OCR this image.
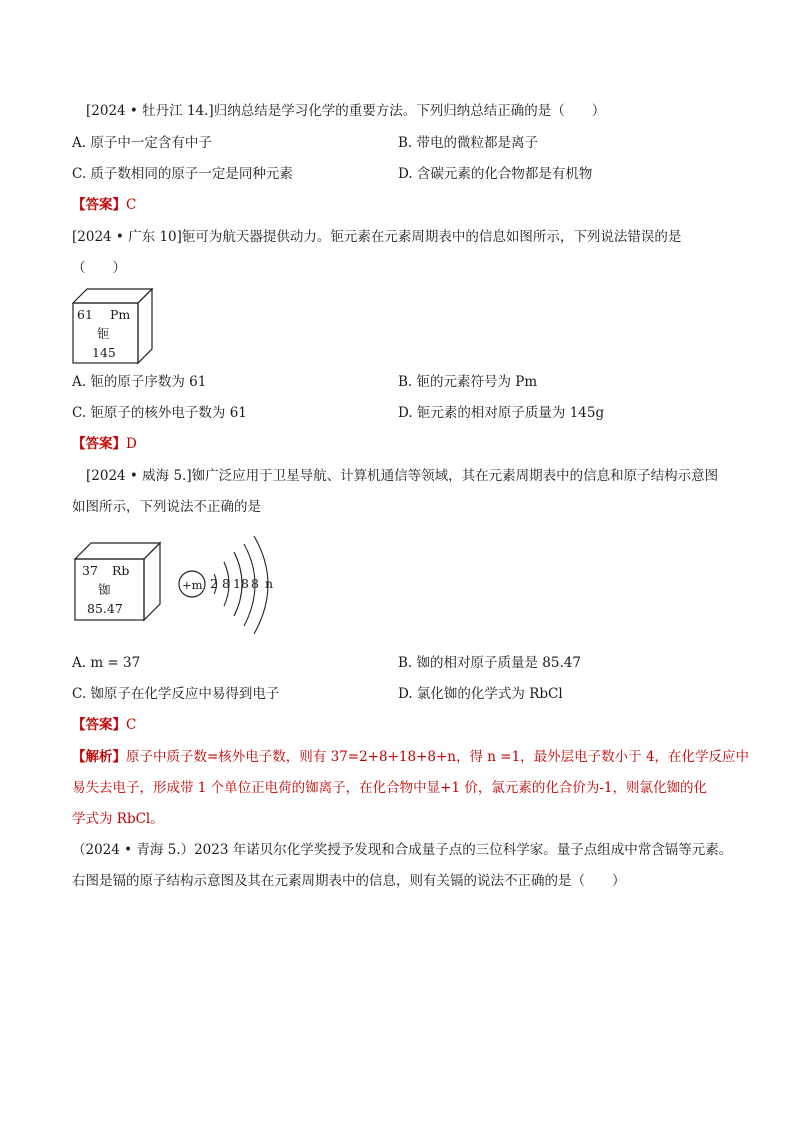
[2024 • 牡丹江 14.]归纳总结是学习化学的重要方法。下列归纳总结正确的是（　　）
A. 原子中一定含有中子	B. 带电的微粒都是离子
C. 质子数相同的原子一定是同种元素	D. 含碳元素的化合物都是有机物
【答案】C
[2024 • 广东 10]钷可为航天器提供动力。钷元素在元素周期表中的信息如图所示，下列说法错误的是
（　　）
61 Pm
钷
145
A. 钷的原子序数为 61	B. 钷的元素符号为 Pm
C. 钷原子的核外电子数为 61	D. 钷元素的相对原子质量为 145g
【答案】D
[2024 • 威海 5.]铷广泛应用于卫星导航、计算机通信等领域，其在元素周期表中的信息和原子结构示意图
如图所示，下列说法不正确的是
37 Rb
铷
85.47
+m 2 8 18 8 n
A. m = 37	B. 铷的相对原子质量是 85.47
C. 铷原子在化学反应中易得到电子	D. 氯化铷的化学式为 RbCl
【答案】C
【解析】原子中质子数=核外电子数，则有 37=2+8+18+8+n，得 n =1，最外层电子数小于 4，在化学反应中
易失去电子，形成带 1 个单位正电荷的铷离子，在化合物中显+1 价，氯元素的化合价为-1，则氯化铷的化
学式为 RbCl。
（2024 • 青海 5.）2023 年诺贝尔化学奖授予发现和合成量子点的三位科学家。量子点组成中常含镉等元素。
右图是镉的原子结构示意图及其在元素周期表中的信息，则有关镉的说法不正确的是（　　）
